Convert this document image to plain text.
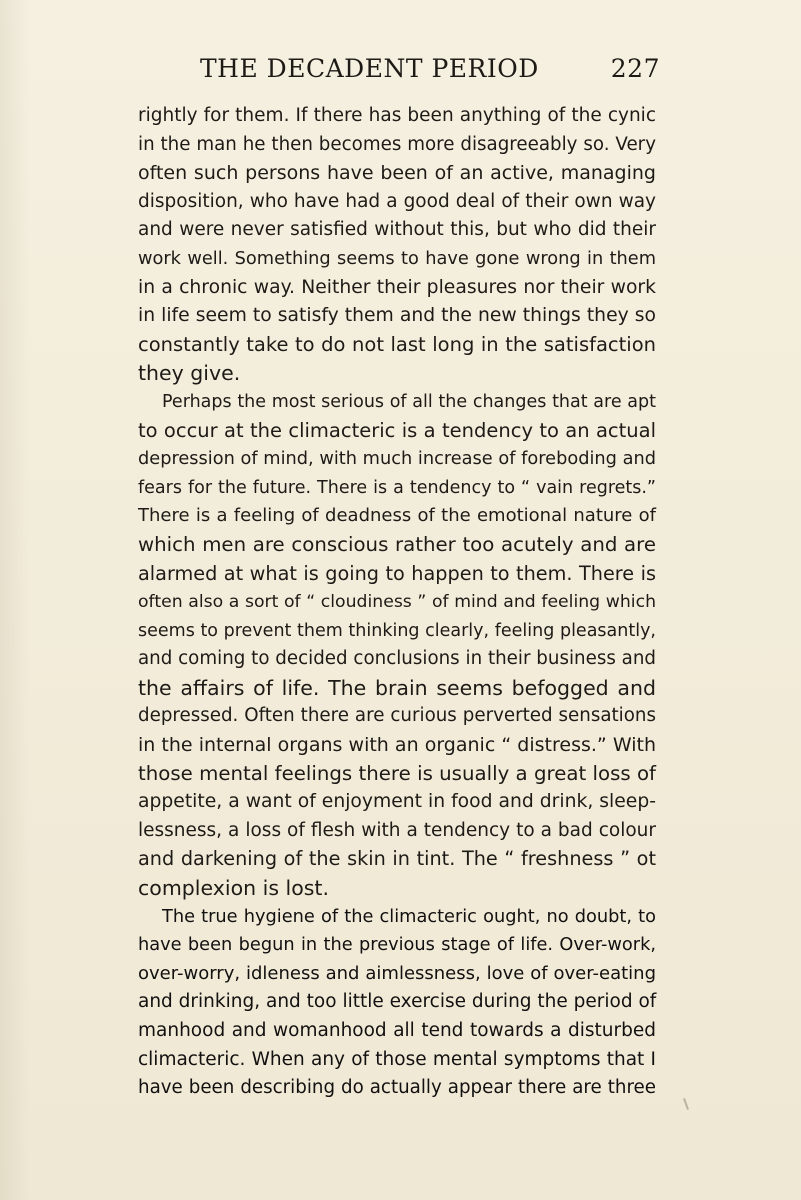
THE DECADENT PERIOD	227
rightly for them. If there has been anything of the cynic
in the man he then becomes more disagreeably so. Very
often such persons have been of an active, managing
disposition, who have had a good deal of their own way
and were never satisfied without this, but who did their
work well. Something seems to have gone wrong in them
in a chronic way. Neither their pleasures nor their work
in life seem to satisfy them and the new things they so
constantly take to do not last long in the satisfaction
they give.
Perhaps the most serious of all the changes that are apt
to occur at the climacteric is a tendency to an actual
depression of mind, with much increase of foreboding and
fears for the future. There is a tendency to “ vain regrets.”
There is a feeling of deadness of the emotional nature of
which men are conscious rather too acutely and are
alarmed at what is going to happen to them. There is
often also a sort of “ cloudiness ” of mind and feeling which
seems to prevent them thinking clearly, feeling pleasantly,
and coming to decided conclusions in their business and
the affairs of life. The brain seems befogged and
depressed. Often there are curious perverted sensations
in the internal organs with an organic “ distress.” With
those mental feelings there is usually a great loss of
appetite, a want of enjoyment in food and drink, sleep-
lessness, a loss of flesh with a tendency to a bad colour
and darkening of the skin in tint. The “ freshness ” ot
complexion is lost.
The true hygiene of the climacteric ought, no doubt, to
have been begun in the previous stage of life. Over-work,
over-worry, idleness and aimlessness, love of over-eating
and drinking, and too little exercise during the period of
manhood and womanhood all tend towards a disturbed
climacteric. When any of those mental symptoms that I
have been describing do actually appear there are three
